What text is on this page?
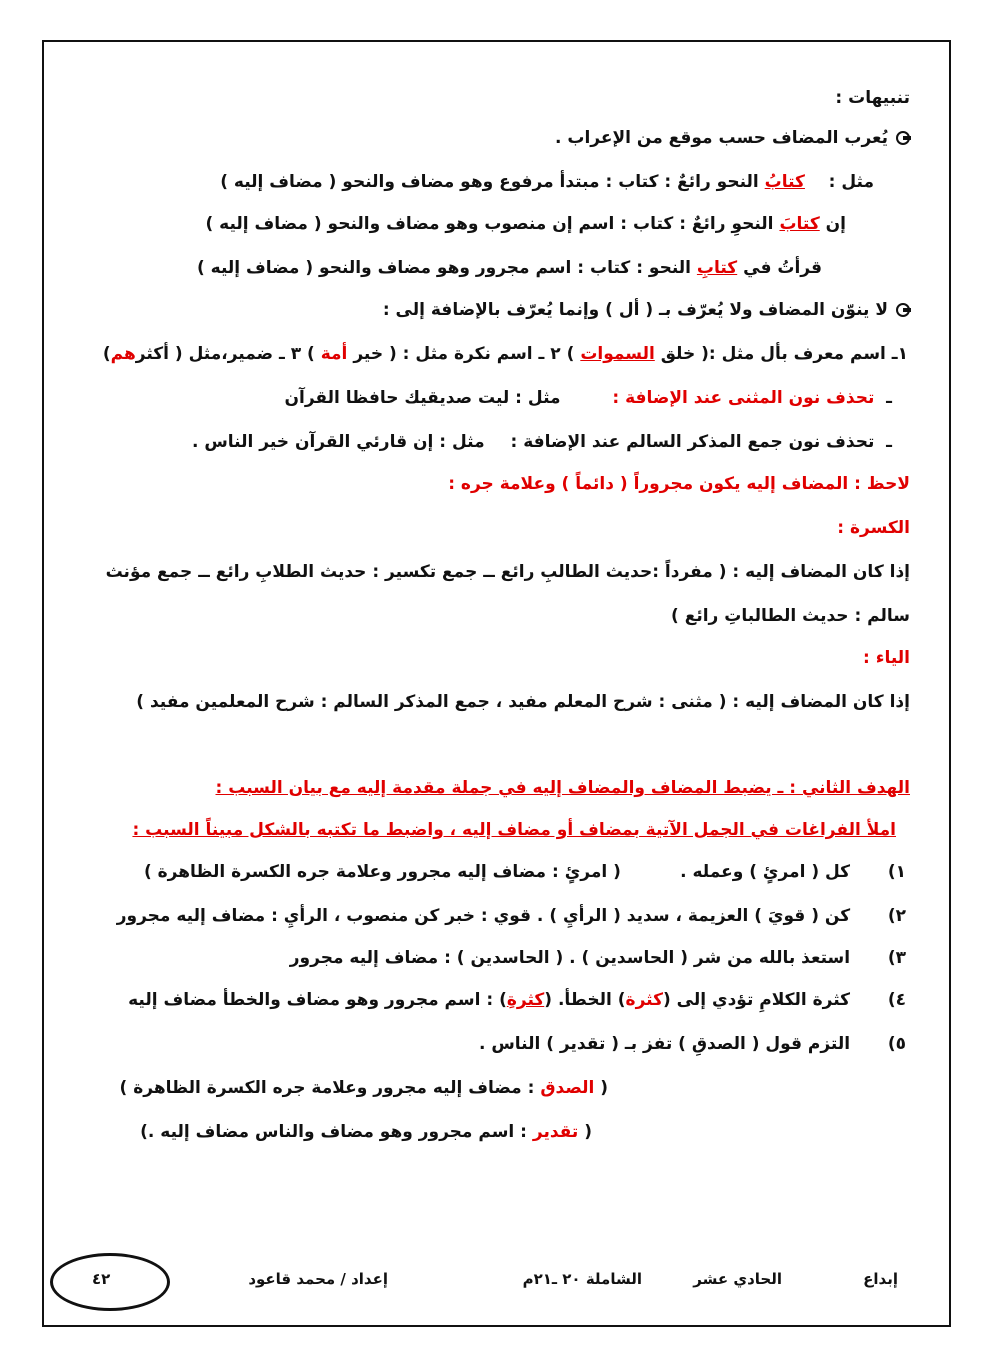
تنبيهات :
يُعرب المضاف حسب موقع من الإعراب .
مثل :    كتابُ النحو رائعٌ : كتاب : مبتدأ مرفوع وهو مضاف والنحو ( مضاف إليه )
إن كتابَ النحوِ رائعٌ : كتاب : اسم إن منصوب وهو مضاف والنحو ( مضاف إليه )
قرأتُ في كتابِ النحو : كتاب : اسم مجرور وهو مضاف والنحو ( مضاف إليه )
لا ينوّن المضاف ولا يُعرّف بـ ( أل ) وإنما يُعرّف بالإضافة إلى :
١ـ اسم معرف بأل مثل :( خلق السموات ) ٢ ـ اسم نكرة مثل : ( خير أمة ) ٣ ـ ضمير،مثل ( أكثرهم)
ـ  تحذف نون المثنى عند الإضافة :  مثل : ليت صديقيك حافظا القرآن
ـ  تحذف نون جمع المذكر السالم عند الإضافة :  مثل : إن قارئي القرآن خير الناس .
لاحظ : المضاف إليه يكون مجروراً ( دائماً ) وعلامة جره :
الكسرة :
إذا كان المضاف إليه : ( مفرداً :حديث الطالبِ رائع ــ جمع تكسير : حديث الطلابِ رائع ــ جمع مؤنث
سالم : حديث الطالباتِ رائع )
الياء :
إذا كان المضاف إليه : ( مثنى : شرح المعلم مفيد ، جمع المذكر السالم : شرح المعلمين مفيد )
الهدف الثاني : ـ يضبط المضاف والمضاف إليه في جملة مقدمة إليه مع بيان السبب :
املأ الفراغات في الجمل الآتية بمضاف أو مضاف إليه ، واضبط ما تكتبه بالشكل مبيناً السبب :
١) كل ( امرئٍ ) وعمله .          ( امرئٍ : مضاف إليه مجرور وعلامة جره الكسرة الظاهرة )
٢) كن ( قويَ ) العزيمة ، سديد ( الرأيِ ) . قوي : خبر كن منصوب ، الرأيِ : مضاف إليه مجرور
٣) استعذ بالله من شر ( الحاسدين ) . ( الحاسدين ) : مضاف إليه مجرور
٤) كثرة الكلامِ تؤدي إلى (كثرة) الخطأ. (كثرةِ) : اسم مجرور وهو مضاف والخطأ مضاف إليه
٥) التزم قول ( الصدقِ ) تفز بـ ( تقدير ) الناس .
( الصدق : مضاف إليه مجرور وعلامة جره الكسرة الظاهرة )
( تقدير : اسم مجرور وهو مضاف والناس مضاف إليه .)
إبداع
الحادي عشر
الشاملة ٢٠ ـ٢١م
إعداد / محمد قاعود
٤٢
